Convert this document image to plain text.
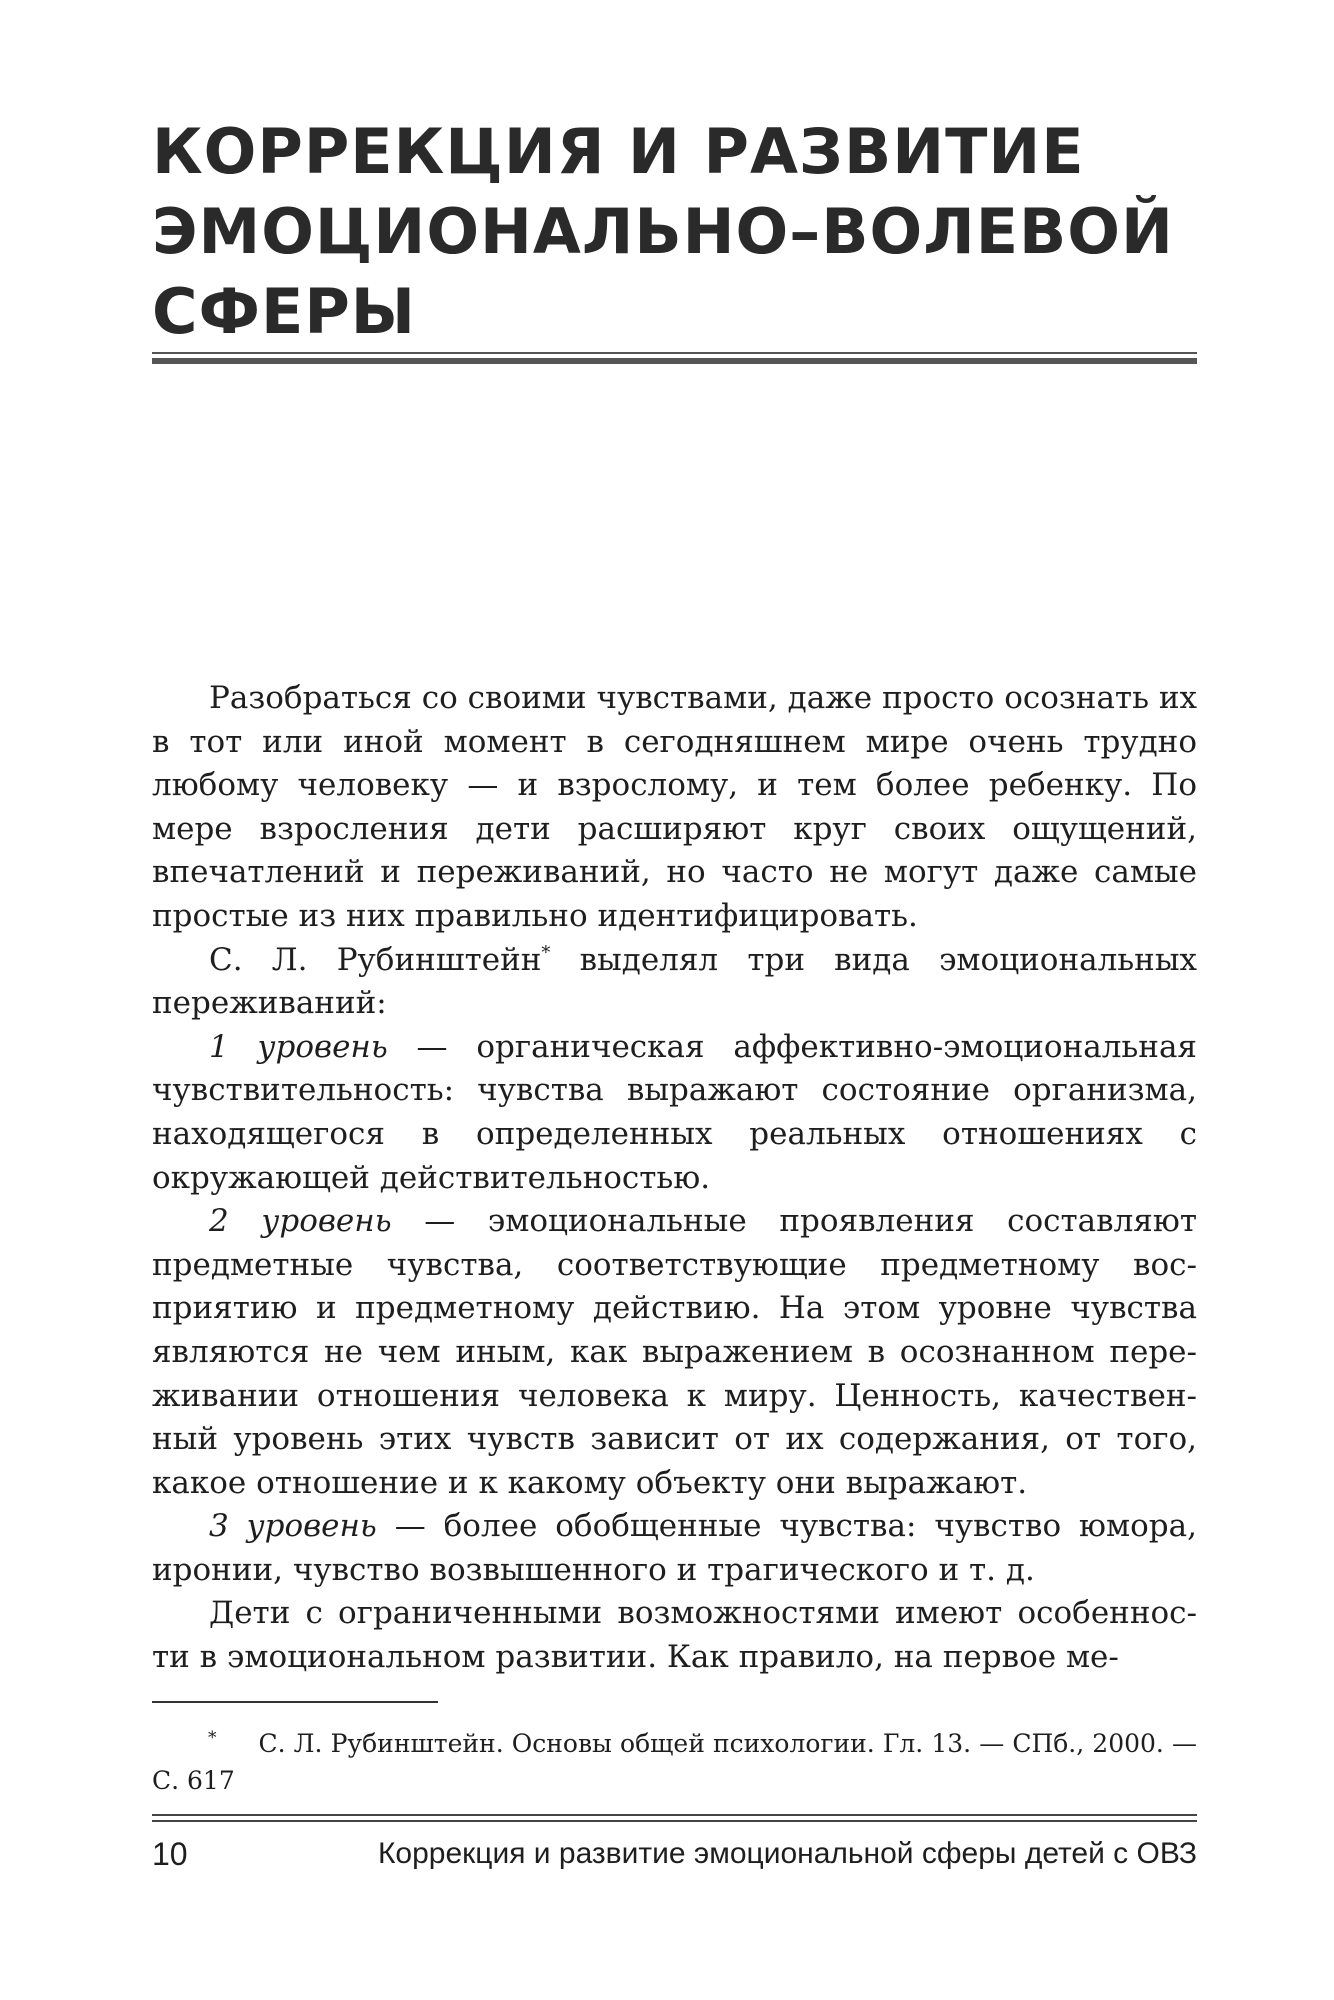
КОРРЕКЦИЯ И РАЗВИТИЕ
ЭМОЦИОНАЛЬНО–ВОЛЕВОЙ
СФЕРЫ

Разобраться со своими чувствами, даже просто осознать их в тот или иной момент в сегодняшнем мире очень трудно любому человеку — и взрослому, и тем более ребенку. По мере взросления дети расширяют круг своих ощущений, впечатлений и переживаний, но часто не могут даже самые простые из них правильно идентифицировать.

С. Л. Рубинштейн* выделял три вида эмоциональных переживаний:

1 уровень — органическая аффективно-эмоциональная чувствительность: чувства выражают состояние организма, находящегося в определенных реальных отношениях с окружающей действительностью.

2 уровень — эмоциональные проявления составляют предметные чувства, соответствующие предметному восприятию и предметному действию. На этом уровне чувства являются не чем иным, как выражением в осознанном переживании отношения человека к миру. Ценность, качественный уровень этих чувств зависит от их содержания, от того, какое отношение и к какому объекту они выражают.

3 уровень — более обобщенные чувства: чувство юмора, иронии, чувство возвышенного и трагического и т. д.

Дети с ограниченными возможностями имеют особенности в эмоциональном развитии. Как правило, на первое ме-

* С. Л. Рубинштейн. Основы общей психологии. Гл. 13. — СПб., 2000. — С. 617

10	Коррекция и развитие эмоциональной сферы детей с ОВЗ
